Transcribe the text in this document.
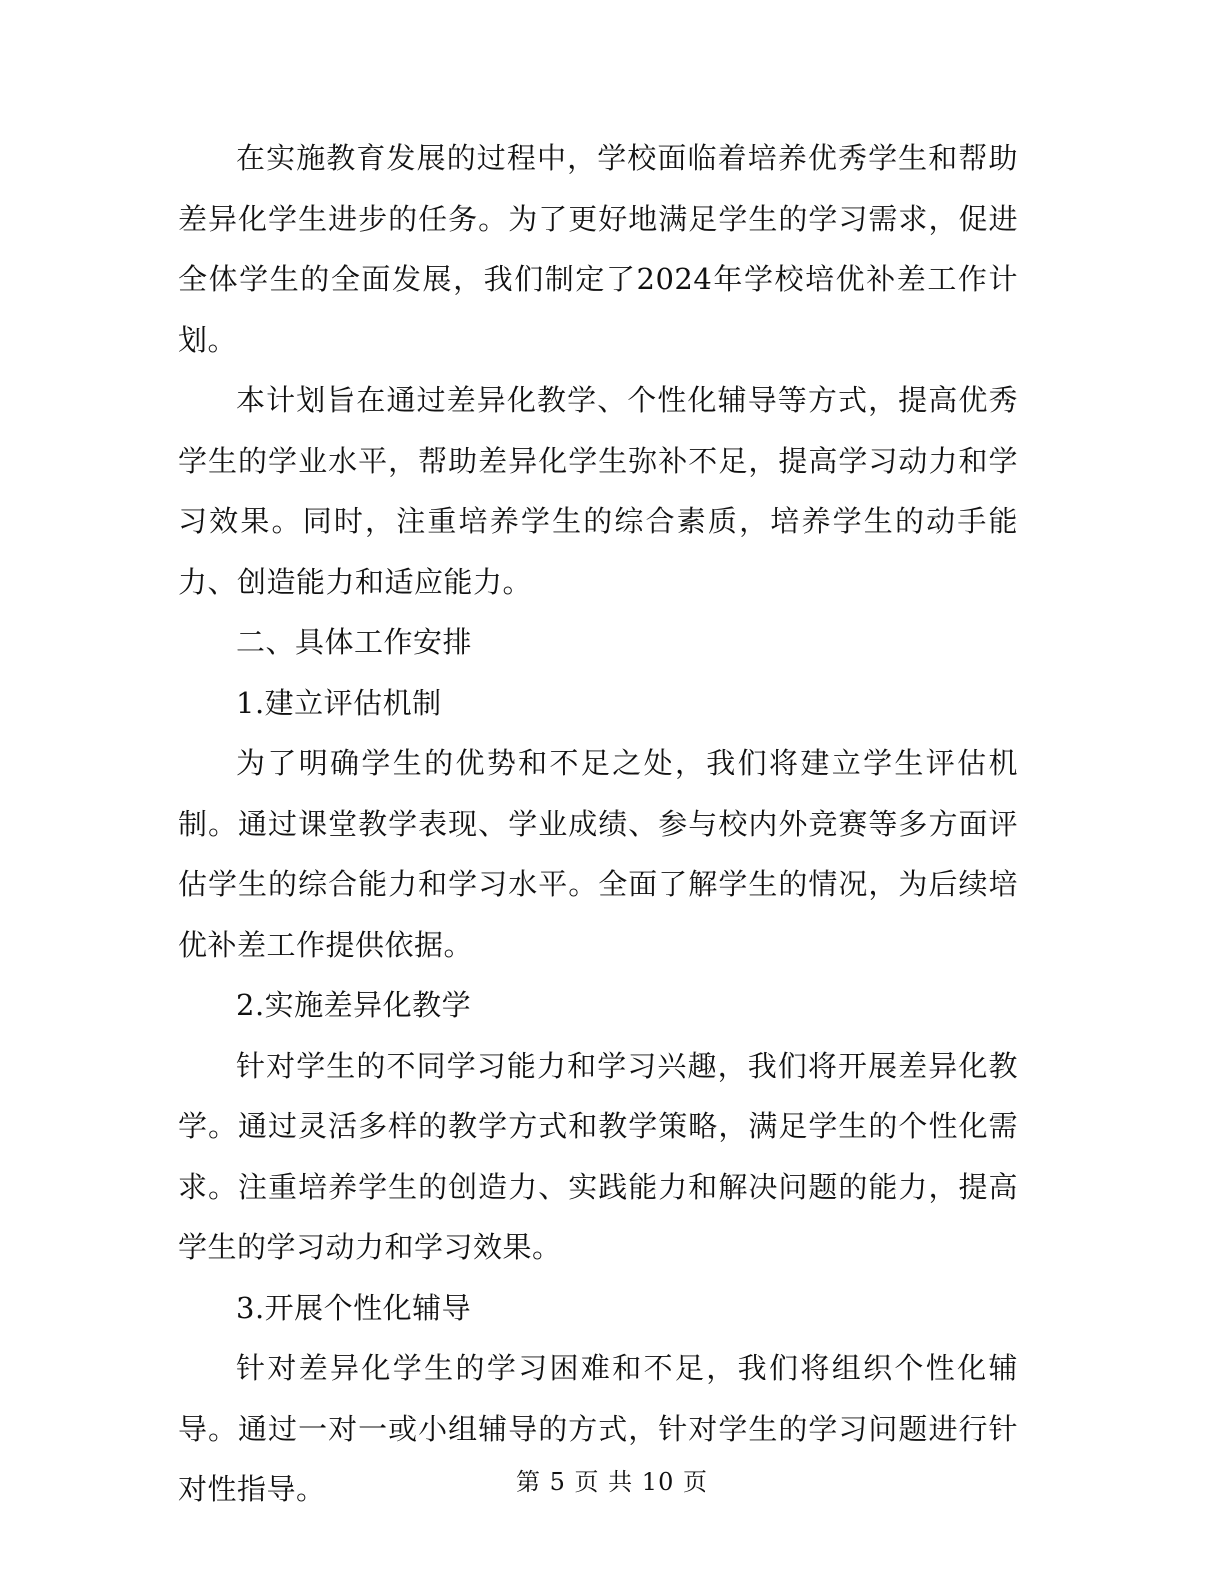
在实施教育发展的过程中，学校面临着培养优秀学生和帮助差异化学生进步的任务。为了更好地满足学生的学习需求，促进全体学生的全面发展，我们制定了2024年学校培优补差工作计划。

本计划旨在通过差异化教学、个性化辅导等方式，提高优秀学生的学业水平，帮助差异化学生弥补不足，提高学习动力和学习效果。同时，注重培养学生的综合素质，培养学生的动手能力、创造能力和适应能力。

二、具体工作安排

1.建立评估机制

为了明确学生的优势和不足之处，我们将建立学生评估机制。通过课堂教学表现、学业成绩、参与校内外竞赛等多方面评估学生的综合能力和学习水平。全面了解学生的情况，为后续培优补差工作提供依据。

2.实施差异化教学

针对学生的不同学习能力和学习兴趣，我们将开展差异化教学。通过灵活多样的教学方式和教学策略，满足学生的个性化需求。注重培养学生的创造力、实践能力和解决问题的能力，提高学生的学习动力和学习效果。

3.开展个性化辅导

针对差异化学生的学习困难和不足，我们将组织个性化辅导。通过一对一或小组辅导的方式，针对学生的学习问题进行针对性指导。	第 5 页 共 10 页
